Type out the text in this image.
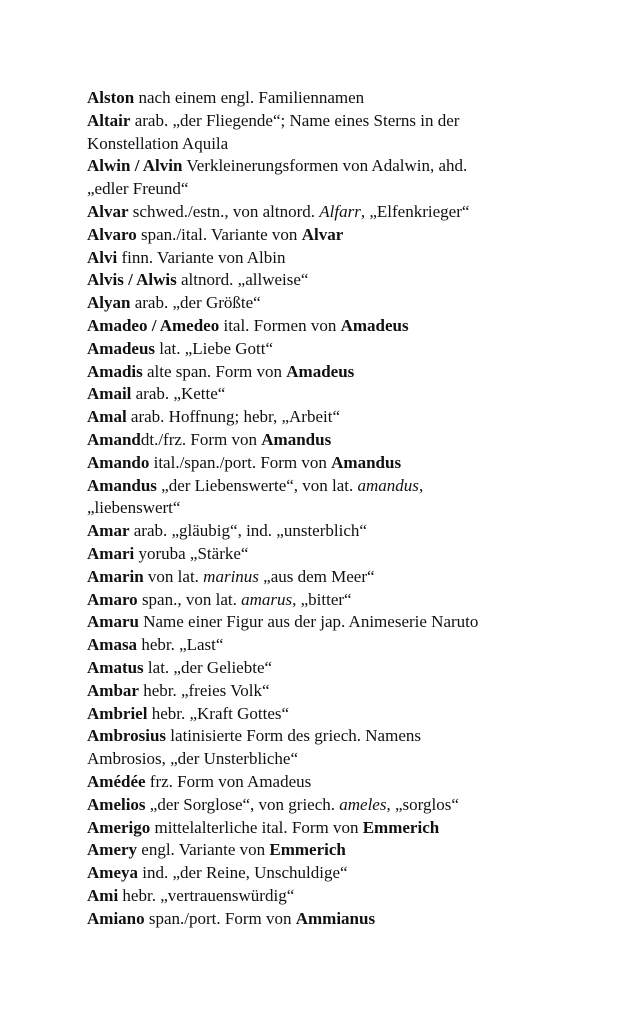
Alston nach einem engl. Familiennamen
Altair arab. „der Fliegende“; Name eines Sterns in der
Konstellation Aquila
Alwin / Alvin Verkleinerungsformen von Adalwin, ahd.
„edler Freund“
Alvar schwed./estn., von altnord. Alfarr, „Elfenkrieger“
Alvaro span./ital. Variante von Alvar
Alvi finn. Variante von Albin
Alvis / Alwis altnord. „allweise“
Alyan arab. „der Größte“
Amadeo / Amedeo ital. Formen von Amadeus
Amadeus lat. „Liebe Gott“
Amadis alte span. Form von Amadeus
Amail arab. „Kette“
Amal arab. Hoffnung; hebr, „Arbeit“
Amanddt./frz. Form von Amandus
Amando ital./span./port. Form von Amandus
Amandus „der Liebenswerte“, von lat. amandus,
„liebenswert“
Amar arab. „gläubig“, ind. „unsterblich“
Amari yoruba „Stärke“
Amarin von lat. marinus „aus dem Meer“
Amaro span., von lat. amarus, „bitter“
Amaru Name einer Figur aus der jap. Animeserie Naruto
Amasa hebr. „Last“
Amatus lat. „der Geliebte“
Ambar hebr. „freies Volk“
Ambriel hebr. „Kraft Gottes“
Ambrosius latinisierte Form des griech. Namens
Ambrosios, „der Unsterbliche“
Amédée frz. Form von Amadeus
Amelios „der Sorglose“, von griech. ameles, „sorglos“
Amerigo mittelalterliche ital. Form von Emmerich
Amery engl. Variante von Emmerich
Ameya ind. „der Reine, Unschuldige“
Ami hebr. „vertrauenswürdig“
Amiano span./port. Form von Ammianus
